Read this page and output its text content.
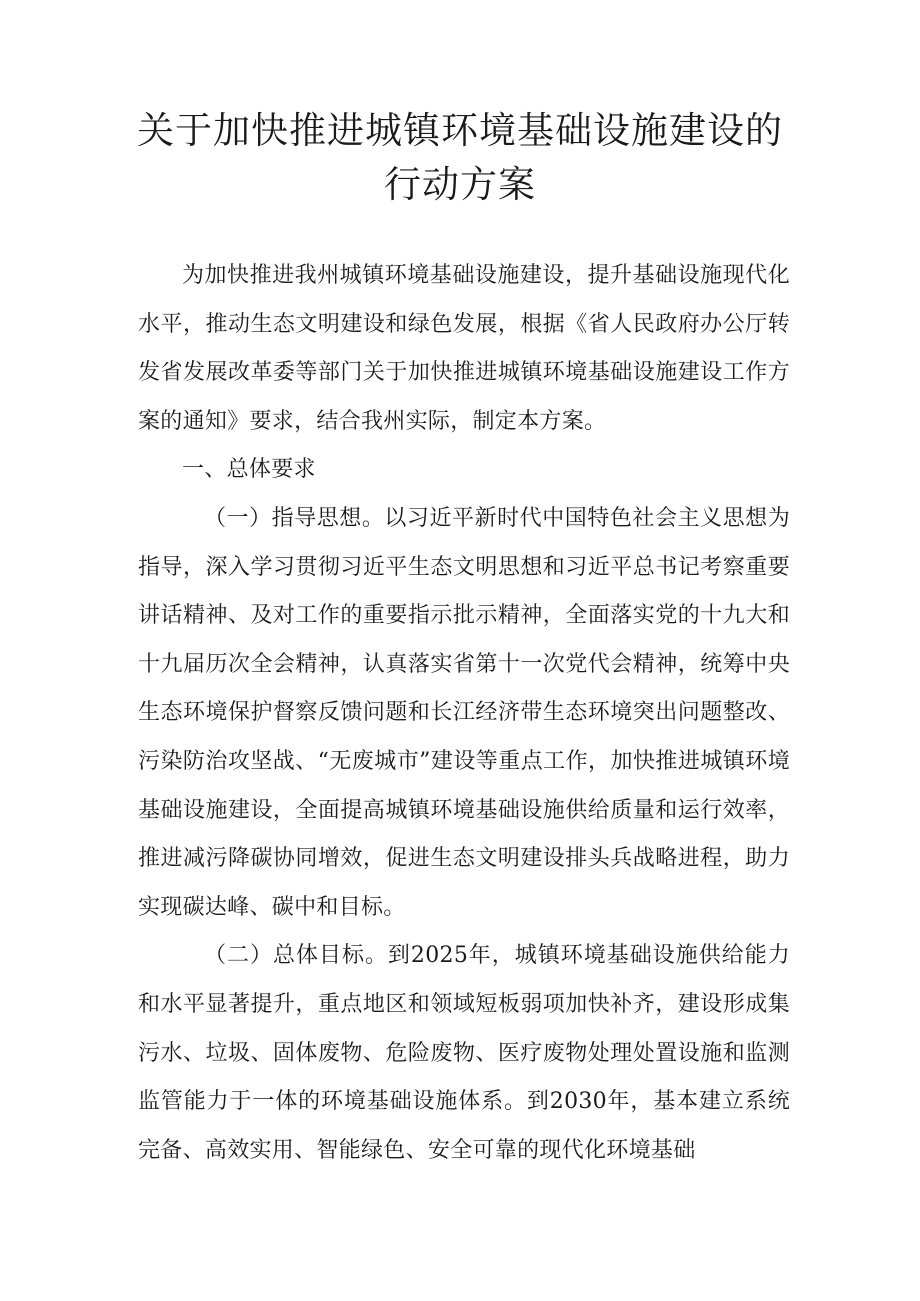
关于加快推进城镇环境基础设施建设的行动方案

为加快推进我州城镇环境基础设施建设，提升基础设施现代化水平，推动生态文明建设和绿色发展，根据《省人民政府办公厅转发省发展改革委等部门关于加快推进城镇环境基础设施建设工作方案的通知》要求，结合我州实际，制定本方案。

一、总体要求

（一）指导思想。以习近平新时代中国特色社会主义思想为指导，深入学习贯彻习近平生态文明思想和习近平总书记考察重要讲话精神、及对工作的重要指示批示精神，全面落实党的十九大和十九届历次全会精神，认真落实省第十一次党代会精神，统筹中央生态环境保护督察反馈问题和长江经济带生态环境突出问题整改、污染防治攻坚战、“无废城市”建设等重点工作，加快推进城镇环境基础设施建设，全面提高城镇环境基础设施供给质量和运行效率，推进减污降碳协同增效，促进生态文明建设排头兵战略进程，助力实现碳达峰、碳中和目标。

（二）总体目标。到2025年，城镇环境基础设施供给能力和水平显著提升，重点地区和领域短板弱项加快补齐，建设形成集污水、垃圾、固体废物、危险废物、医疗废物处理处置设施和监测监管能力于一体的环境基础设施体系。到2030年，基本建立系统完备、高效实用、智能绿色、安全可靠的现代化环境基础
